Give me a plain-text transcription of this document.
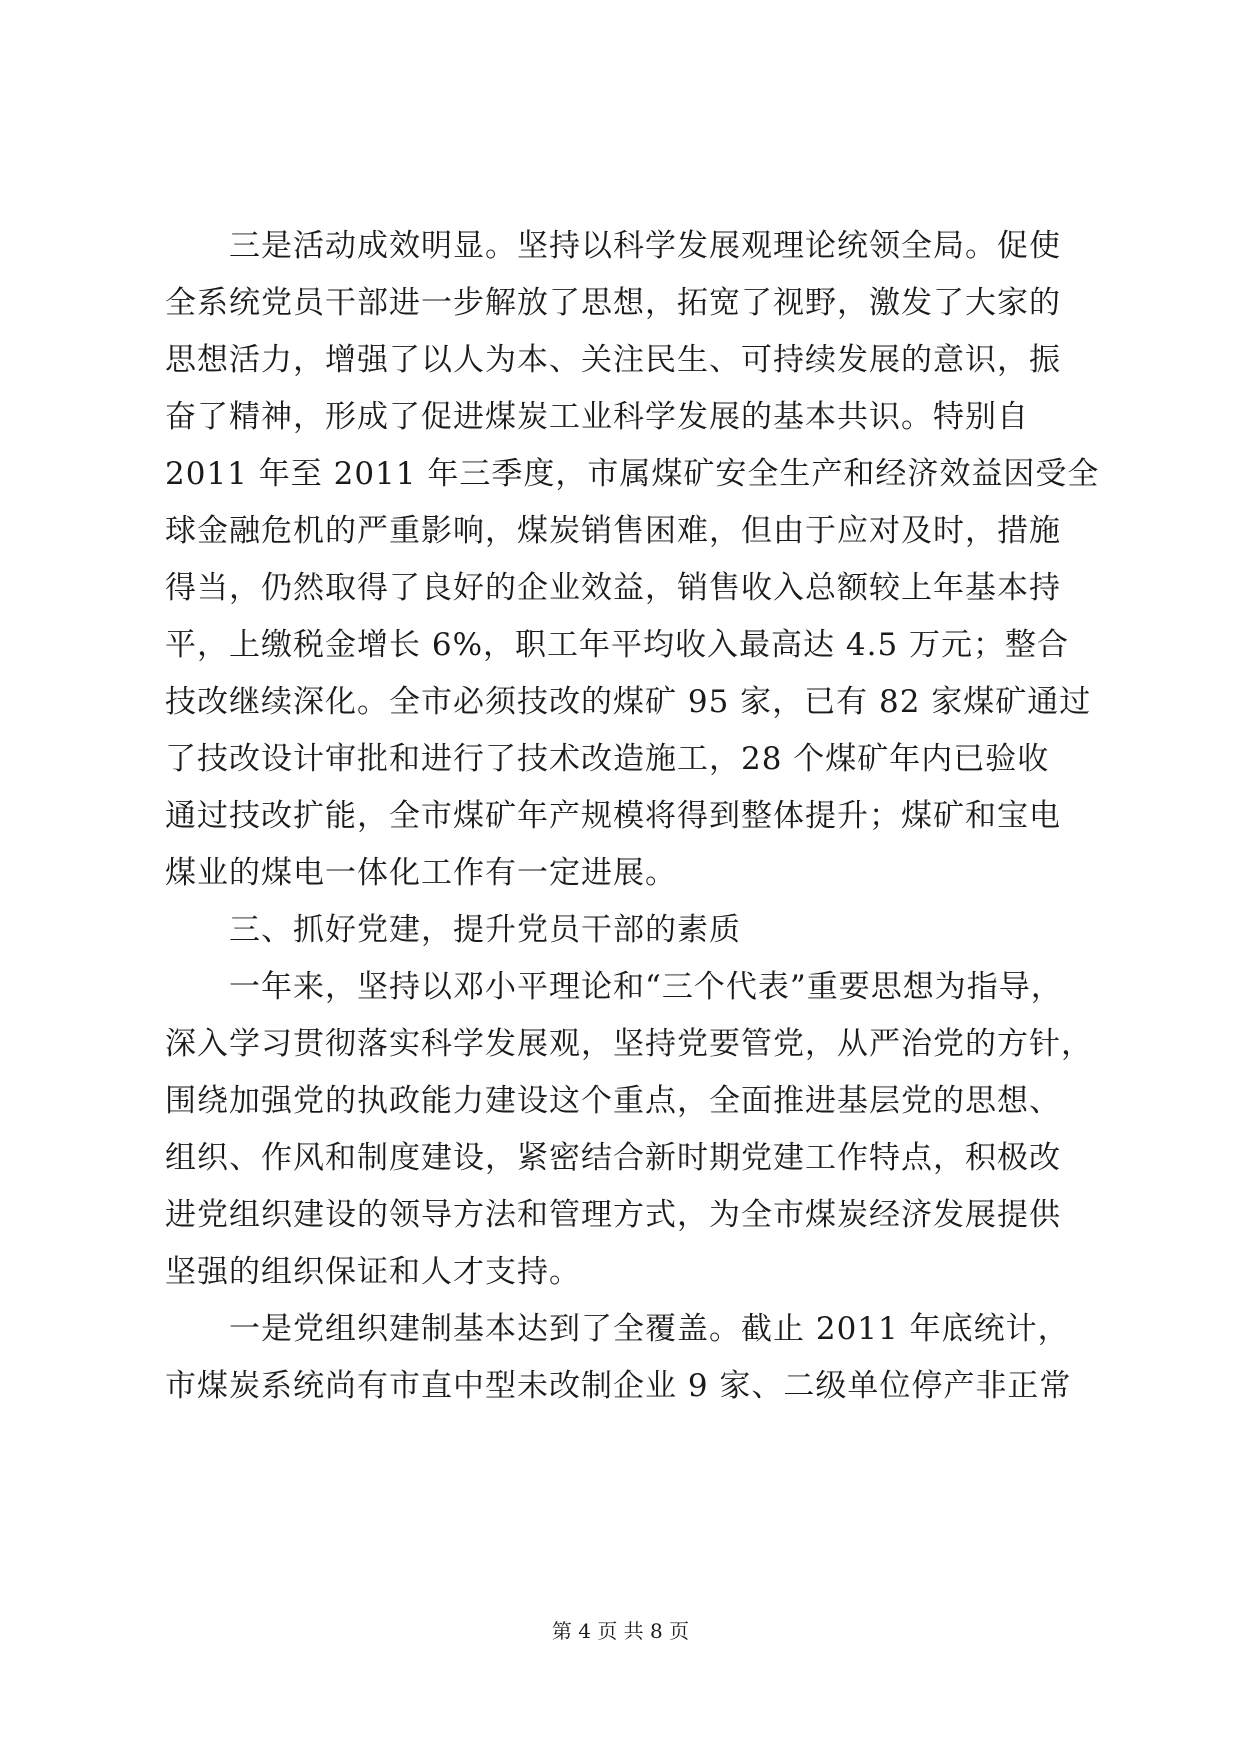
三是活动成效明显。坚持以科学发展观理论统领全局。促使
全系统党员干部进一步解放了思想，拓宽了视野，激发了大家的
思想活力，增强了以人为本、关注民生、可持续发展的意识，振
奋了精神，形成了促进煤炭工业科学发展的基本共识。特别自
2011 年至 2011 年三季度，市属煤矿安全生产和经济效益因受全
球金融危机的严重影响，煤炭销售困难，但由于应对及时，措施
得当，仍然取得了良好的企业效益，销售收入总额较上年基本持
平，上缴税金增长 6%，职工年平均收入最高达 4.5 万元；整合
技改继续深化。全市必须技改的煤矿 95 家，已有 82 家煤矿通过
了技改设计审批和进行了技术改造施工，28 个煤矿年内已验收
通过技改扩能，全市煤矿年产规模将得到整体提升；煤矿和宝电
煤业的煤电一体化工作有一定进展。
三、抓好党建，提升党员干部的素质
一年来，坚持以邓小平理论和“三个代表”重要思想为指导，
深入学习贯彻落实科学发展观，坚持党要管党，从严治党的方针，
围绕加强党的执政能力建设这个重点，全面推进基层党的思想、
组织、作风和制度建设，紧密结合新时期党建工作特点，积极改
进党组织建设的领导方法和管理方式，为全市煤炭经济发展提供
坚强的组织保证和人才支持。
一是党组织建制基本达到了全覆盖。截止 2011 年底统计，
市煤炭系统尚有市直中型未改制企业 9 家、二级单位停产非正常
第 4 页 共 8 页
